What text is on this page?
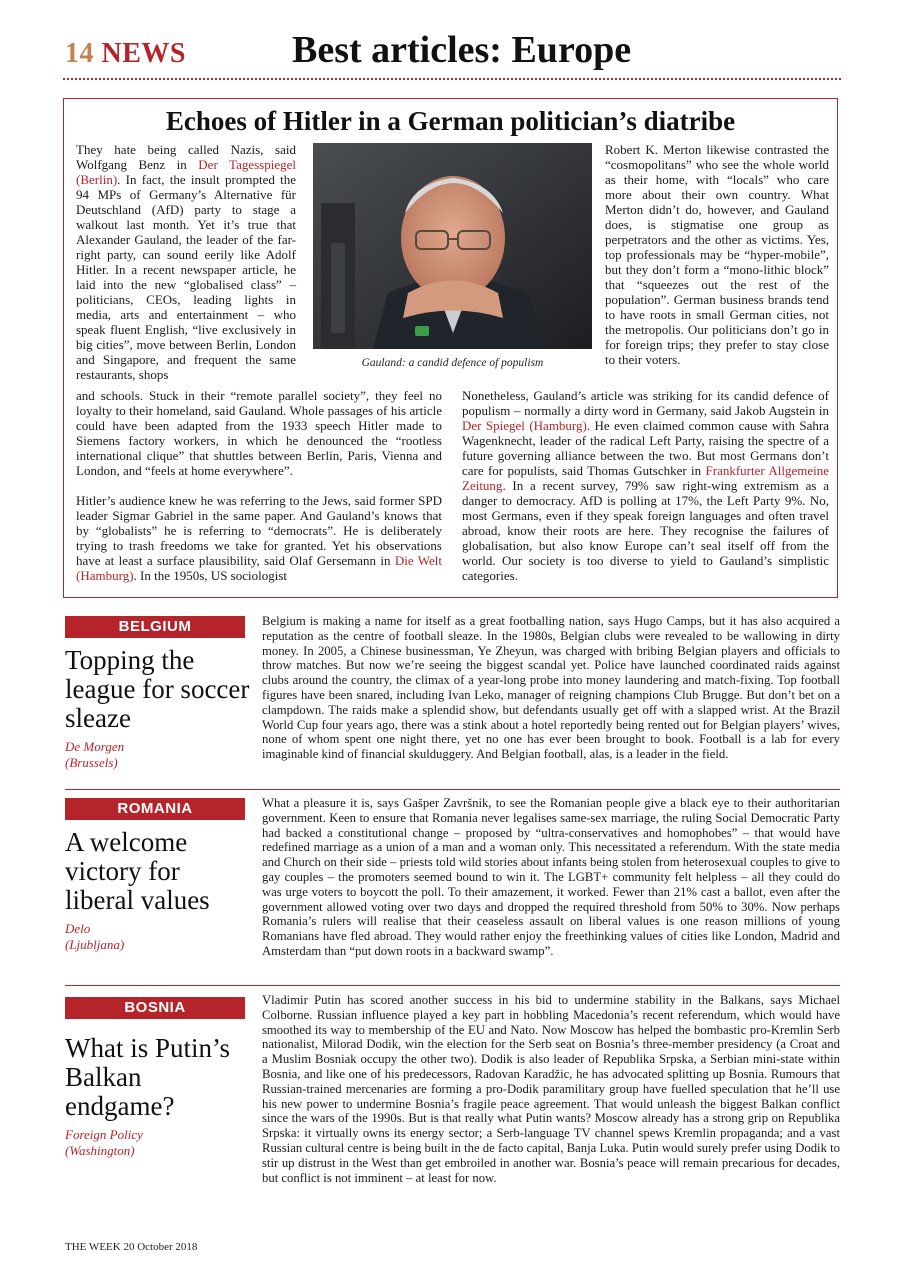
14 NEWS	Best articles: Europe
Echoes of Hitler in a German politician’s diatribe

They hate being called Nazis, said Wolfgang Benz in Der Tagesspiegel (Berlin). In fact, the insult prompted the 94 MPs of Germany’s Alternative für Deutschland (AfD) party to stage a walkout last month. Yet it’s true that Alexander Gauland, the leader of the far-right party, can sound eerily like Adolf Hitler. In a recent newspaper article, he laid into the new “globalised class” – politicians, CEOs, leading lights in media, arts and entertainment – who speak fluent English, “live exclusively in big cities”, move between Berlin, London and Singapore, and frequent the same restaurants, shops

Gauland: a candid defence of populism

Robert K. Merton likewise contrasted the “cosmopolitans” who see the whole world as their home, with “locals” who care more about their own country. What Merton didn’t do, however, and Gauland does, is stigmatise one group as perpetrators and the other as victims. Yes, top professionals may be “hyper-mobile”, but they don’t form a “mono-lithic block” that “squeezes out the rest of the population”. German business brands tend to have roots in small German cities, not the metropolis. Our politicians don’t go in for foreign trips; they prefer to stay close to their voters.

and schools. Stuck in their “remote parallel society”, they feel no loyalty to their homeland, said Gauland. Whole passages of his article could have been adapted from the 1933 speech Hitler made to Siemens factory workers, in which he denounced the “rootless international clique” that shuttles between Berlin, Paris, Vienna and London, and “feels at home everywhere”.

Hitler’s audience knew he was referring to the Jews, said former SPD leader Sigmar Gabriel in the same paper. And Gauland’s knows that by “globalists” he is referring to “democrats”. He is deliberately trying to trash freedoms we take for granted. Yet his observations have at least a surface plausibility, said Olaf Gersemann in Die Welt (Hamburg). In the 1950s, US sociologist

Nonetheless, Gauland’s article was striking for its candid defence of populism – normally a dirty word in Germany, said Jakob Augstein in Der Spiegel (Hamburg). He even claimed common cause with Sahra Wagenknecht, leader of the radical Left Party, raising the spectre of a future governing alliance between the two. But most Germans don’t care for populists, said Thomas Gutschker in Frankfurter Allgemeine Zeitung. In a recent survey, 79% saw right-wing extremism as a danger to democracy. AfD is polling at 17%, the Left Party 9%. No, most Germans, even if they speak foreign languages and often travel abroad, know their roots are here. They recognise the failures of globalisation, but also know Europe can’t seal itself off from the world. Our society is too diverse to yield to Gauland’s simplistic categories.

BELGIUM
Topping the league for soccer sleaze
De Morgen
(Brussels)
Belgium is making a name for itself as a great footballing nation, says Hugo Camps, but it has also acquired a reputation as the centre of football sleaze. In the 1980s, Belgian clubs were revealed to be wallowing in dirty money. In 2005, a Chinese businessman, Ye Zheyun, was charged with bribing Belgian players and officials to throw matches. But now we’re seeing the biggest scandal yet. Police have launched coordinated raids against clubs around the country, the climax of a year-long probe into money laundering and match-fixing. Top football figures have been snared, including Ivan Leko, manager of reigning champions Club Brugge. But don’t bet on a clampdown. The raids make a splendid show, but defendants usually get off with a slapped wrist. At the Brazil World Cup four years ago, there was a stink about a hotel reportedly being rented out for Belgian players’ wives, none of whom spent one night there, yet no one has ever been brought to book. Football is a lab for every imaginable kind of financial skulduggery. And Belgian football, alas, is a leader in the field.
ROMANIA
A welcome victory for liberal values
Delo
(Ljubljana)
What a pleasure it is, says Gašper Završnik, to see the Romanian people give a black eye to their authoritarian government. Keen to ensure that Romania never legalises same-sex marriage, the ruling Social Democratic Party had backed a constitutional change – proposed by “ultra-conservatives and homophobes” – that would have redefined marriage as a union of a man and a woman only. This necessitated a referendum. With the state media and Church on their side – priests told wild stories about infants being stolen from heterosexual couples to give to gay couples – the promoters seemed bound to win it. The LGBT+ community felt helpless – all they could do was urge voters to boycott the poll. To their amazement, it worked. Fewer than 21% cast a ballot, even after the government allowed voting over two days and dropped the required threshold from 50% to 30%. Now perhaps Romania’s rulers will realise that their ceaseless assault on liberal values is one reason millions of young Romanians have fled abroad. They would rather enjoy the freethinking values of cities like London, Madrid and Amsterdam than “put down roots in a backward swamp”.
BOSNIA
What is Putin’s Balkan endgame?
Foreign Policy
(Washington)
Vladimir Putin has scored another success in his bid to undermine stability in the Balkans, says Michael Colborne. Russian influence played a key part in hobbling Macedonia’s recent referendum, which would have smoothed its way to membership of the EU and Nato. Now Moscow has helped the bombastic pro-Kremlin Serb nationalist, Milorad Dodik, win the election for the Serb seat on Bosnia’s three-member presidency (a Croat and a Muslim Bosniak occupy the other two). Dodik is also leader of Republika Srpska, a Serbian mini-state within Bosnia, and like one of his predecessors, Radovan Karadžic, he has advocated splitting up Bosnia. Rumours that Russian-trained mercenaries are forming a pro-Dodik paramilitary group have fuelled speculation that he’ll use his new power to undermine Bosnia’s fragile peace agreement. That would unleash the biggest Balkan conflict since the wars of the 1990s. But is that really what Putin wants? Moscow already has a strong grip on Republika Srpska: it virtually owns its energy sector; a Serb-language TV channel spews Kremlin propaganda; and a vast Russian cultural centre is being built in the de facto capital, Banja Luka. Putin would surely prefer using Dodik to stir up distrust in the West than get embroiled in another war. Bosnia’s peace will remain precarious for decades, but conflict is not imminent – at least for now.
THE WEEK 20 October 2018
